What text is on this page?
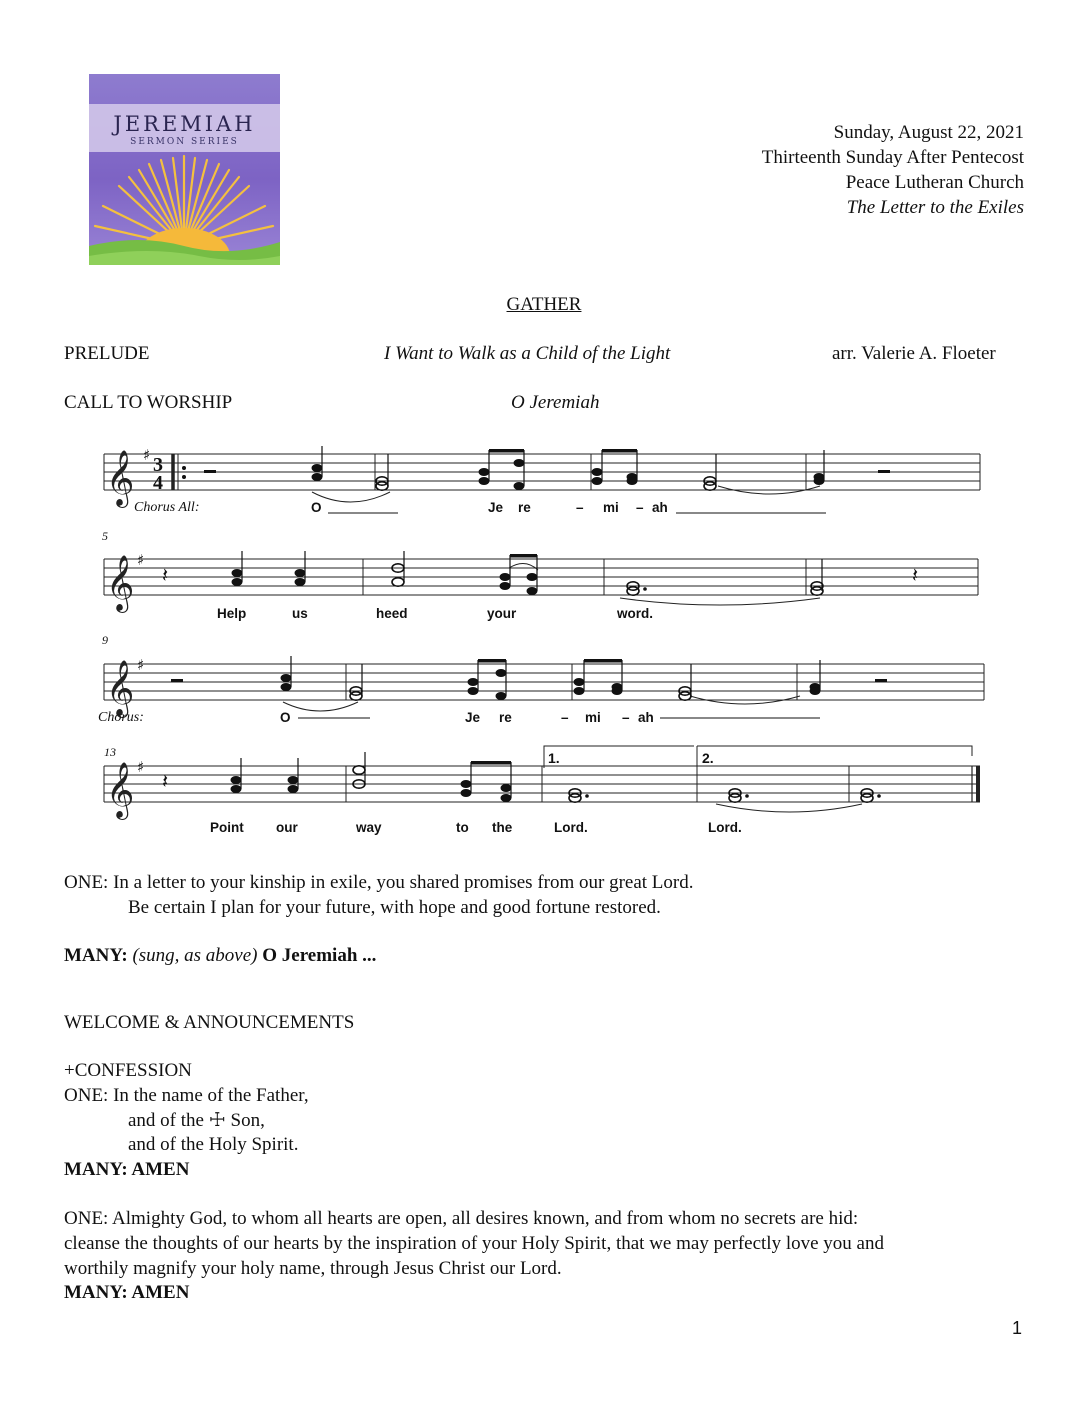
JEREMIAH
SERMON SERIES	Sunday, August 22, 2021
Thirteenth Sunday After Pentecost
Peace Lutheran Church
The Letter to the Exiles
GATHER
PRELUDE	I Want to Walk as a Child of the Light	arr. Valerie A. Floeter
CALL TO WORSHIP	O Jeremiah
𝄞
𝄞
𝄞
𝄞
♯
♯
♯
♯
3
4
𝄽	𝄽
𝄽
Chorus All:	O	Je re	– mi – ah
5
Help	us	heed	your	word.
9
Chorus:	O	Je re	– mi – ah
13	1.	2.
Point our	way	to the	Lord.	Lord.
ONE: In a letter to your kinship in exile, you shared promises from our great Lord.
Be certain I plan for your future, with hope and good fortune restored.
MANY: (sung, as above) O Jeremiah ...
WELCOME & ANNOUNCEMENTS
+CONFESSION
ONE: In the name of the Father,
and of the ☩ Son,
and of the Holy Spirit.
MANY: AMEN
ONE: Almighty God, to whom all hearts are open, all desires known, and from whom no secrets are hid:
cleanse the thoughts of our hearts by the inspiration of your Holy Spirit, that we may perfectly love you and
worthily magnify your holy name, through Jesus Christ our Lord.
MANY: AMEN
1
